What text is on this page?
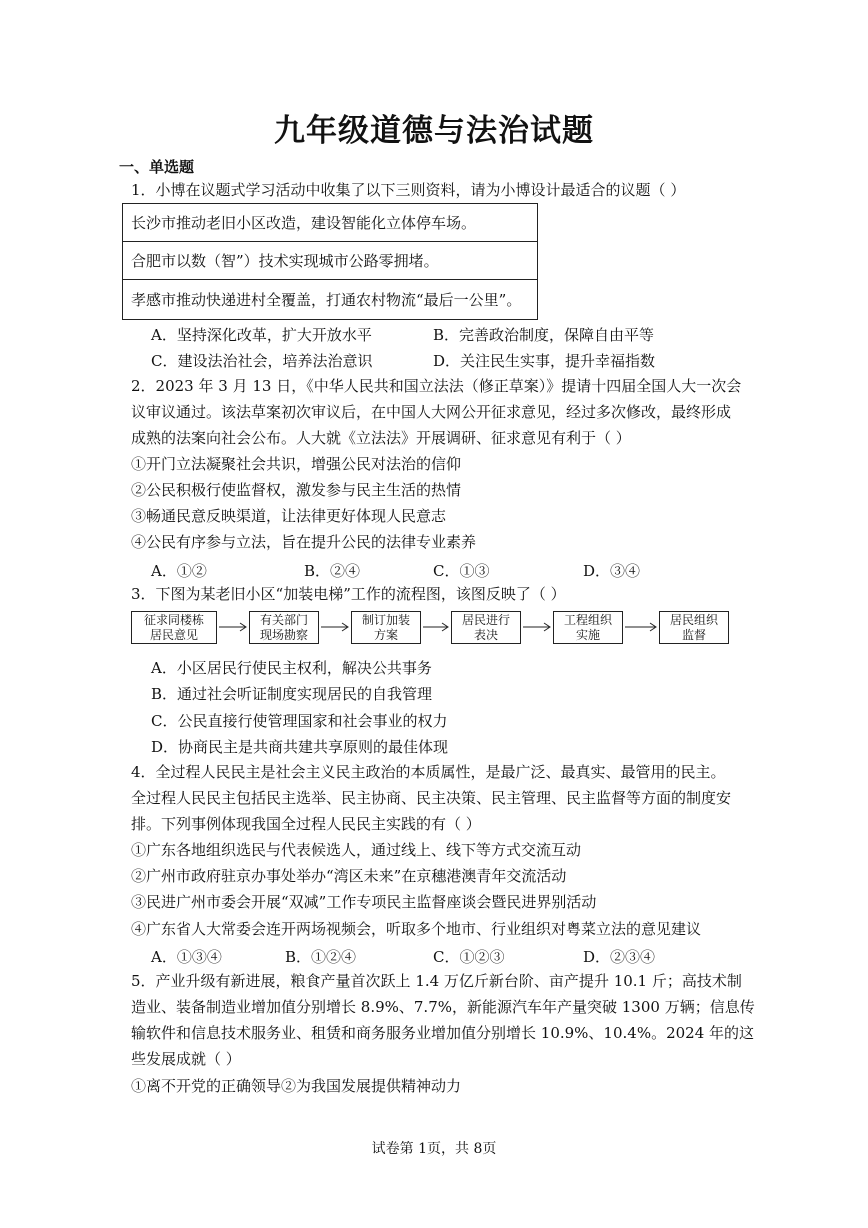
九年级道德与法治试题
一、单选题
1．小博在议题式学习活动中收集了以下三则资料，请为小博设计最适合的议题（ ）
长沙市推动老旧小区改造，建设智能化立体停车场。
合肥市以数（智”）技术实现城市公路零拥堵。
孝感市推动快递进村全覆盖，打通农村物流“最后一公里”。
A．坚持深化改革，扩大开放水平	B．完善政治制度，保障自由平等
C．建设法治社会，培养法治意识	D．关注民生实事，提升幸福指数
2．2023 年 3 月 13 日，《中华人民共和国立法法（修正草案）》提请十四届全国人大一次会
议审议通过。该法草案初次审议后，在中国人大网公开征求意见，经过多次修改，最终形成
成熟的法案向社会公布。人大就《立法法》开展调研、征求意见有利于（ ）
①开门立法凝聚社会共识，增强公民对法治的信仰
②公民积极行使监督权，激发参与民主生活的热情
③畅通民意反映渠道，让法律更好体现人民意志
④公民有序参与立法，旨在提升公民的法律专业素养
A．①②	B．②④	C．①③	D．③④
3．下图为某老旧小区“加装电梯”工作的流程图，该图反映了（ ）
征求同楼栋
居民意见
有关部门
现场勘察
制订加装
方案
居民进行
表决
工程组织
实施
居民组织
监督
A．小区居民行使民主权利，解决公共事务
B．通过社会听证制度实现居民的自我管理
C．公民直接行使管理国家和社会事业的权力
D．协商民主是共商共建共享原则的最佳体现
4．全过程人民民主是社会主义民主政治的本质属性，是最广泛、最真实、最管用的民主。
全过程人民民主包括民主选举、民主协商、民主决策、民主管理、民主监督等方面的制度安
排。下列事例体现我国全过程人民民主实践的有（ ）
①广东各地组织选民与代表候选人，通过线上、线下等方式交流互动
②广州市政府驻京办事处举办“湾区未来”在京穗港澳青年交流活动
③民进广州市委会开展“双减”工作专项民主监督座谈会暨民进界别活动
④广东省人大常委会连开两场视频会，听取多个地市、行业组织对粤菜立法的意见建议
A．①③④	B．①②④	C．①②③	D．②③④
5．产业升级有新进展，粮食产量首次跃上 1.4 万亿斤新台阶、亩产提升 10.1 斤；高技术制
造业、装备制造业增加值分别增长 8.9%、7.7%，新能源汽车年产量突破 1300 万辆；信息传
输软件和信息技术服务业、租赁和商务服务业增加值分别增长 10.9%、10.4%。2024 年的这
些发展成就（ ）
①离不开党的正确领导②为我国发展提供精神动力
试卷第 1页，共 8页
